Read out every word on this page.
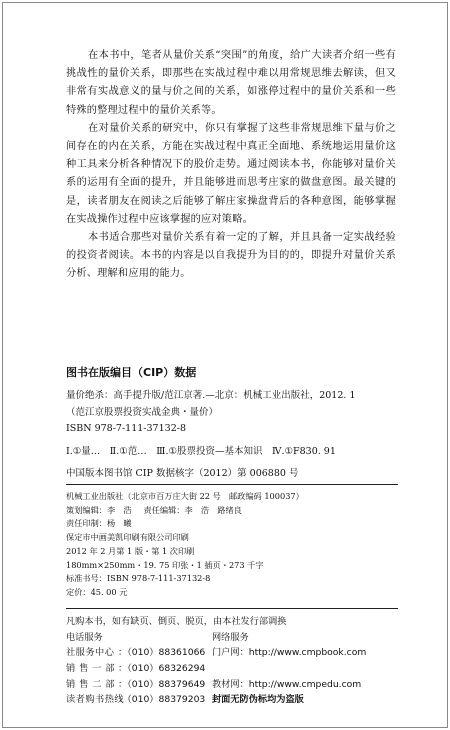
在本书中，笔者从量价关系“突围”的角度，给广大读者介绍一些有挑战性的量价关系，即那些在实战过程中难以用常规思维去解读，但又非常有实战意义的量与价之间的关系，如涨停过程中的量价关系和一些特殊的整理过程中的量价关系等。

在对量价关系的研究中，你只有掌握了这些非常规思维下量与价之间存在的内在关系，方能在实战过程中真正全面地、系统地运用量价这种工具来分析各种情况下的股价走势。通过阅读本书，你能够对量价关系的运用有全面的提升，并且能够进而思考庄家的做盘意图。最关键的是，读者朋友在阅读之后能够了解庄家操盘背后的各种意图，能够掌握在实战操作过程中应该掌握的应对策略。

本书适合那些对量价关系有着一定的了解，并且具备一定实战经验的投资者阅读。本书的内容是以自我提升为目的的，即提升对量价关系分析、理解和应用的能力。

图书在版编目（CIP）数据
量价绝杀：高手提升版/范江京著.—北京：机械工业出版社，2012. 1
（范江京股票投资实战金典・量价）
ISBN 978-7-111-37132-8
Ⅰ.①量…　Ⅱ.①范…　Ⅲ.①股票投资—基本知识　Ⅳ.①F830. 91
中国版本图书馆 CIP 数据核字（2012）第 006880 号
机械工业出版社（北京市百万庄大街 22 号　邮政编码 100037）
策划编辑：李　浩 责任编辑：李　浩　路绪良
责任印制：杨　曦
保定市中画美凯印刷有限公司印刷
2012 年 2 月第 1 版・第 1 次印刷
180mm×250mm・19. 75 印张・1 插页・273 千字
标准书号：ISBN 978-7-111-37132-8
定价：45. 00 元
凡购本书，如有缺页、倒页、脱页，由本社发行部调换
电话服务	网络服务
社服务中心 ：（010）88361066 门户网：http://www.cmpbook.com
销 售 一 部 ：（010）68326294
销 售 二 部 ：（010）88379649 教材网：http://www.cmpedu.com
读者购书热线：（010）88379203 封面无防伪标均为盗版
